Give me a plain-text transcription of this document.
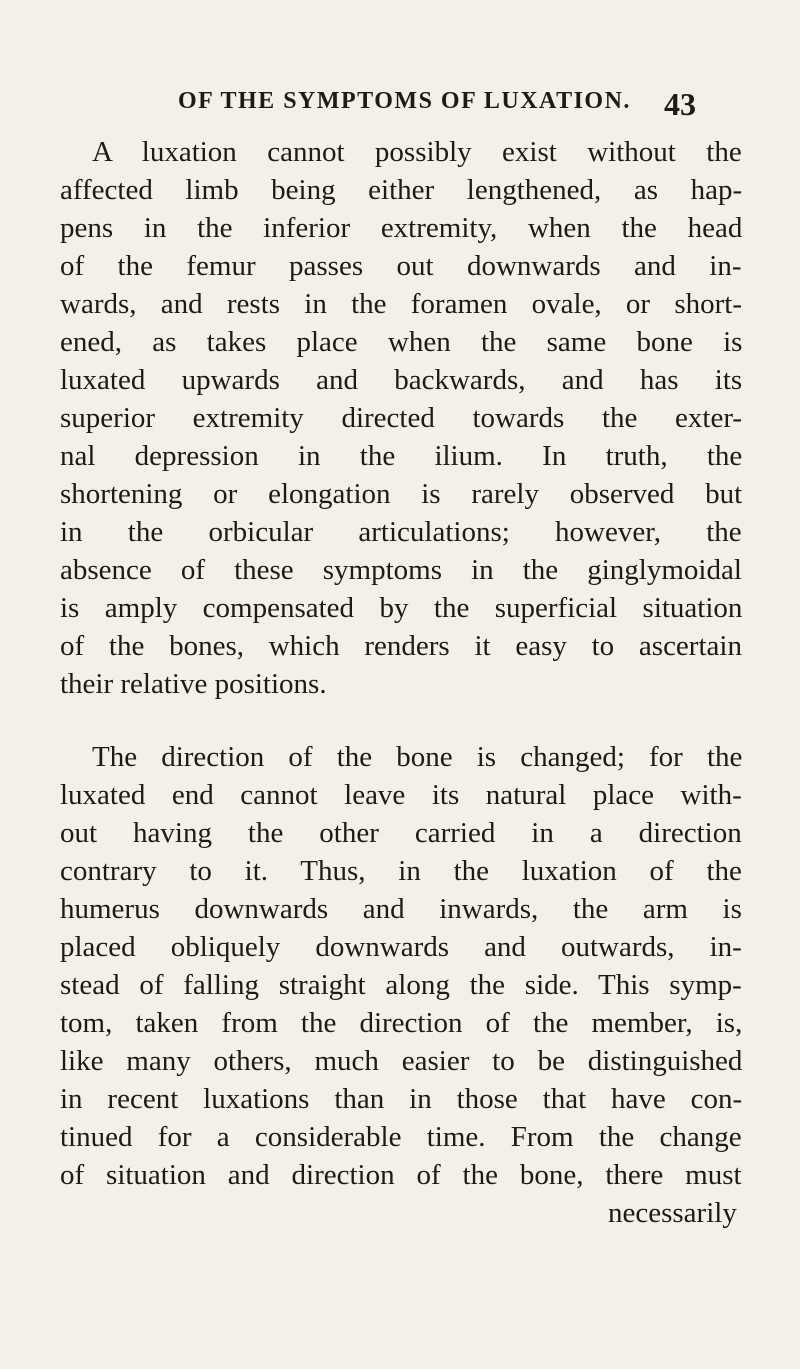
OF THE SYMPTOMS OF LUXATION. 43
A luxation cannot possibly exist without the
affected limb being either lengthened, as hap-
pens in the inferior extremity, when the head
of the femur passes out downwards and in-
wards, and rests in the foramen ovale, or short-
ened, as takes place when the same bone is
luxated upwards and backwards, and has its
superior extremity directed towards the exter-
nal depression in the ilium. In truth, the
shortening or elongation is rarely observed but
in the orbicular articulations; however, the
absence of these symptoms in the ginglymoidal
is amply compensated by the superficial situation
of the bones, which renders it easy to ascertain
their relative positions.
The direction of the bone is changed; for the
luxated end cannot leave its natural place with-
out having the other carried in a direction
contrary to it. Thus, in the luxation of the
humerus downwards and inwards, the arm is
placed obliquely downwards and outwards, in-
stead of falling straight along the side. This symp-
tom, taken from the direction of the member, is,
like many others, much easier to be distinguished
in recent luxations than in those that have con-
tinued for a considerable time. From the change
of situation and direction of the bone, there must
necessarily
